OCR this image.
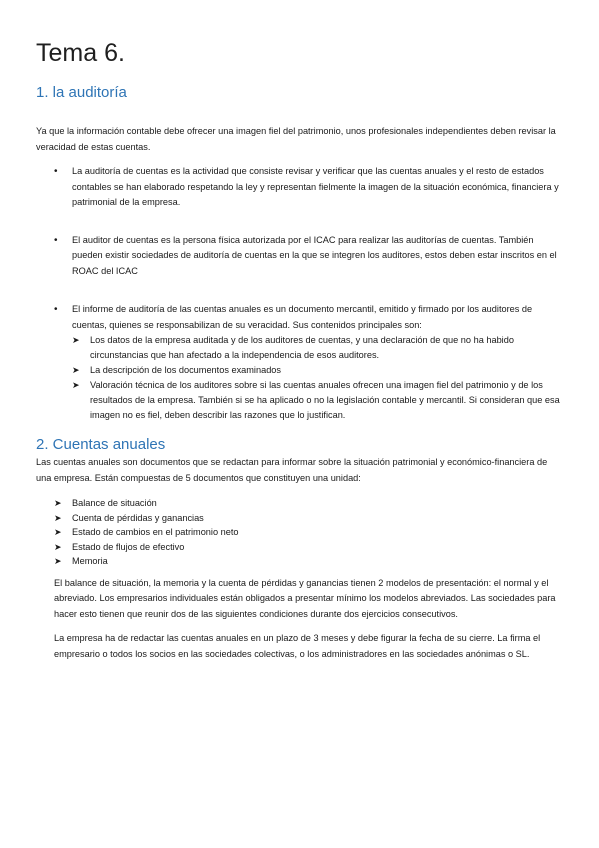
Tema 6.
1. la auditoría

Ya que la información contable debe ofrecer una imagen fiel del patrimonio, unos profesionales independientes deben revisar la veracidad de estas cuentas.

• La auditoría de cuentas es la actividad que consiste revisar y verificar que las cuentas anuales y el resto de estados contables se han elaborado respetando la ley y representan fielmente la imagen de la situación económica, financiera y patrimonial de la empresa.
• El auditor de cuentas es la persona física autorizada por el ICAC para realizar las auditorías de cuentas. También pueden existir sociedades de auditoría de cuentas en la que se integren los auditores, estos deben estar inscritos en el ROAC del ICAC
• El informe de auditoría de las cuentas anuales es un documento mercantil, emitido y firmado por los auditores de cuentas, quienes se responsabilizan de su veracidad. Sus contenidos principales son:
➤ Los datos de la empresa auditada y de los auditores de cuentas, y una declaración de que no ha habido circunstancias que han afectado a la independencia de esos auditores.
➤ La descripción de los documentos examinados
➤ Valoración técnica de los auditores sobre si las cuentas anuales ofrecen una imagen fiel del patrimonio y de los resultados de la empresa. También si se ha aplicado o no la legislación contable y mercantil. Si consideran que esa imagen no es fiel, deben describir las razones que lo justifican.
2. Cuentas anuales

Las cuentas anuales son documentos que se redactan para informar sobre la situación patrimonial y económico-financiera de una empresa. Están compuestas de 5 documentos que constituyen una unidad:

➤ Balance de situación
➤ Cuenta de pérdidas y ganancias
➤ Estado de cambios en el patrimonio neto
➤ Estado de flujos de efectivo
➤ Memoria

El balance de situación, la memoria y la cuenta de pérdidas y ganancias tienen 2 modelos de presentación: el normal y el abreviado. Los empresarios individuales están obligados a presentar mínimo los modelos abreviados. Las sociedades para hacer esto tienen que reunir dos de las siguientes condiciones durante dos ejercicios consecutivos.

La empresa ha de redactar las cuentas anuales en un plazo de 3 meses y debe figurar la fecha de su cierre. La firma el empresario o todos los socios en las sociedades colectivas, o los administradores en las sociedades anónimas o SL.
